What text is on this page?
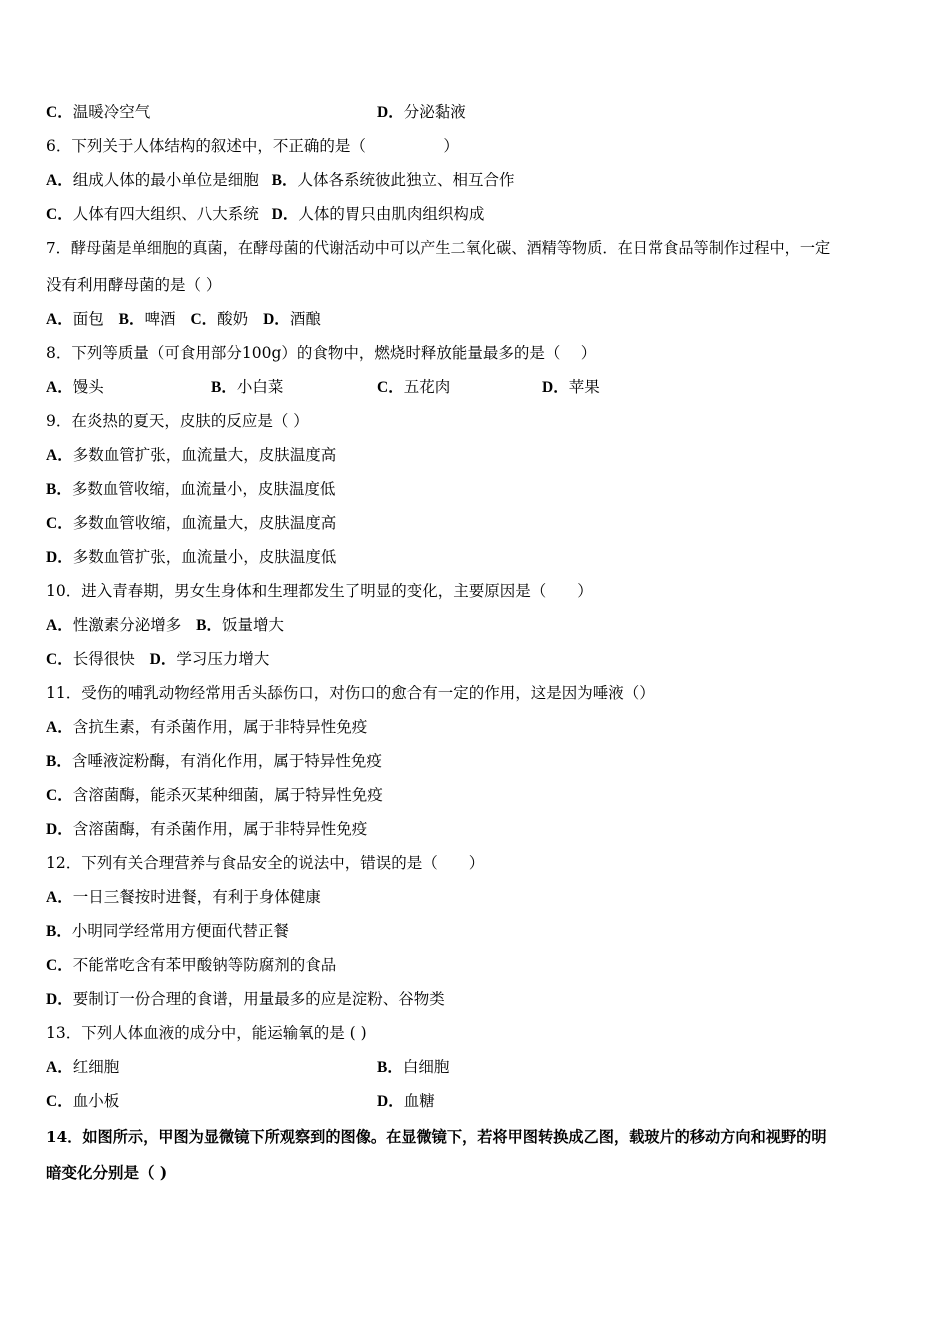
C．温暖冷空气	D．分泌黏液
6．下列关于人体结构的叙述中，不正确的是（　　　　　）
A．组成人体的最小单位是细胞 B．人体各系统彼此独立、相互合作
C．人体有四大组织、八大系统 D．人体的胃只由肌肉组织构成
7．酵母菌是单细胞的真菌，在酵母菌的代谢活动中可以产生二氧化碳、酒精等物质．在日常食品等制作过程中，一定
没有利用酵母菌的是（ ）
A．面包 B．啤酒 C．酸奶 D．酒酿
8．下列等质量（可食用部分100g）的食物中，燃烧时释放能量最多的是（　 ）
A．馒头	B．小白菜	C．五花肉	D．苹果
9．在炎热的夏天，皮肤的反应是（ ）
A．多数血管扩张，血流量大，皮肤温度高
B．多数血管收缩，血流量小，皮肤温度低
C．多数血管收缩，血流量大，皮肤温度高
D．多数血管扩张，血流量小，皮肤温度低
10．进入青春期，男女生身体和生理都发生了明显的变化，主要原因是（　　）
A．性激素分泌增多 B．饭量增大
C．长得很快 D．学习压力增大
11．受伤的哺乳动物经常用舌头舔伤口，对伤口的愈合有一定的作用，这是因为唾液（）
A．含抗生素，有杀菌作用，属于非特异性免疫
B．含唾液淀粉酶，有消化作用，属于特异性免疫
C．含溶菌酶，能杀灭某种细菌，属于特异性免疫
D．含溶菌酶，有杀菌作用，属于非特异性免疫
12．下列有关合理营养与食品安全的说法中，错误的是（　　）
A．一日三餐按时进餐，有利于身体健康
B．小明同学经常用方便面代替正餐
C．不能常吃含有苯甲酸钠等防腐剂的食品
D．要制订一份合理的食谱，用量最多的应是淀粉、谷物类
13．下列人体血液的成分中，能运输氧的是 ( )
A．红细胞	B．白细胞
C．血小板	D．血糖
14．如图所示，甲图为显微镜下所观察到的图像。在显微镜下，若将甲图转换成乙图，载玻片的移动方向和视野的明
暗变化分别是（ )
